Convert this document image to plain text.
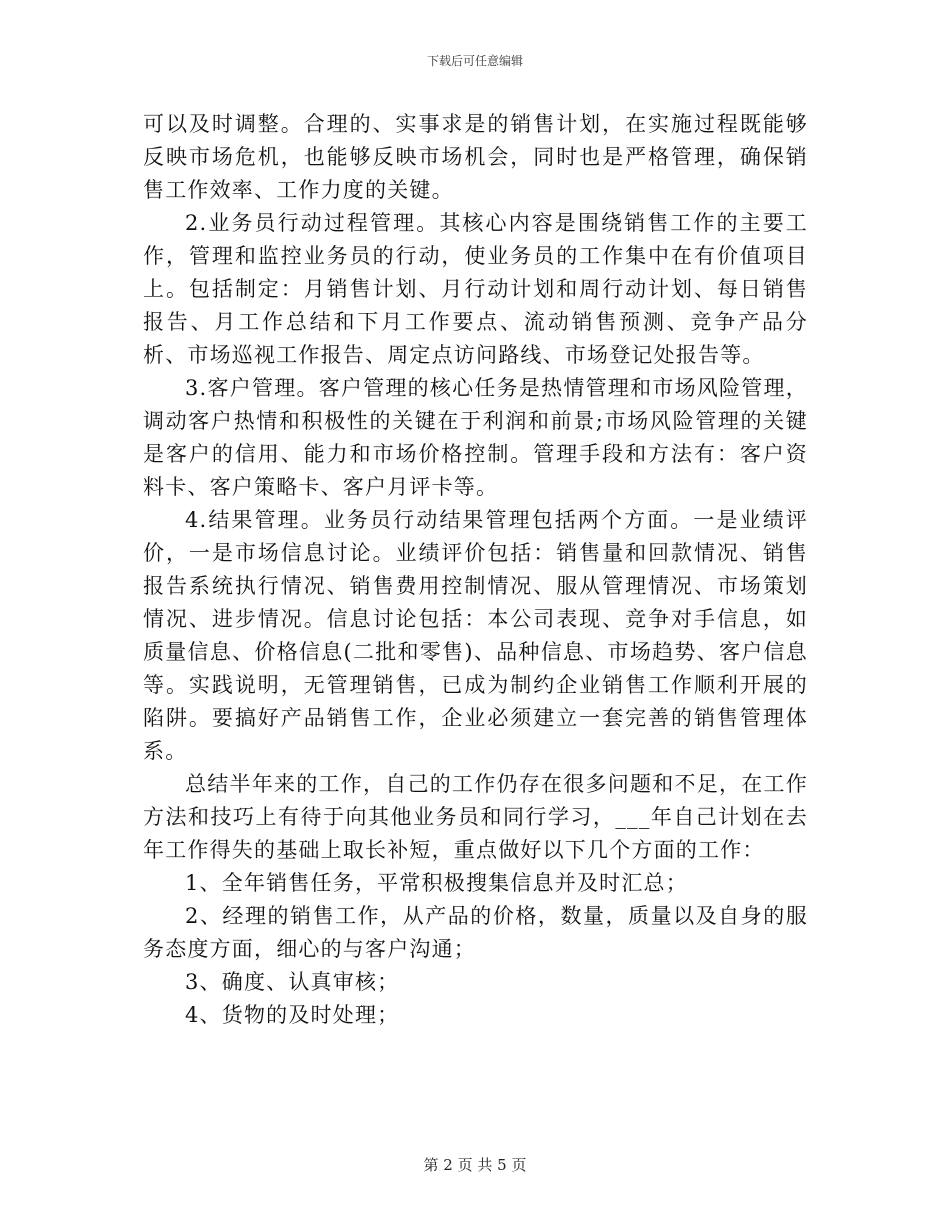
下载后可任意编辑

可以及时调整。合理的、实事求是的销售计划，在实施过程既能够反映市场危机，也能够反映市场机会，同时也是严格管理，确保销售工作效率、工作力度的关键。

2.业务员行动过程管理。其核心内容是围绕销售工作的主要工作，管理和监控业务员的行动，使业务员的工作集中在有价值项目上。包括制定：月销售计划、月行动计划和周行动计划、每日销售报告、月工作总结和下月工作要点、流动销售预测、竞争产品分析、市场巡视工作报告、周定点访问路线、市场登记处报告等。

3.客户管理。客户管理的核心任务是热情管理和市场风险管理，调动客户热情和积极性的关键在于利润和前景;市场风险管理的关键是客户的信用、能力和市场价格控制。管理手段和方法有：客户资料卡、客户策略卡、客户月评卡等。

4.结果管理。业务员行动结果管理包括两个方面。一是业绩评价，一是市场信息讨论。业绩评价包括：销售量和回款情况、销售报告系统执行情况、销售费用控制情况、服从管理情况、市场策划情况、进步情况。信息讨论包括：本公司表现、竞争对手信息，如质量信息、价格信息(二批和零售)、品种信息、市场趋势、客户信息等。实践说明，无管理销售，已成为制约企业销售工作顺利开展的陷阱。要搞好产品销售工作，企业必须建立一套完善的销售管理体系。

总结半年来的工作，自己的工作仍存在很多问题和不足，在工作方法和技巧上有待于向其他业务员和同行学习，___年自己计划在去年工作得失的基础上取长补短，重点做好以下几个方面的工作：

1、全年销售任务，平常积极搜集信息并及时汇总；

2、经理的销售工作，从产品的价格，数量，质量以及自身的服务态度方面，细心的与客户沟通；

3、确度、认真审核；

4、货物的及时处理；

第 2 页 共 5 页
